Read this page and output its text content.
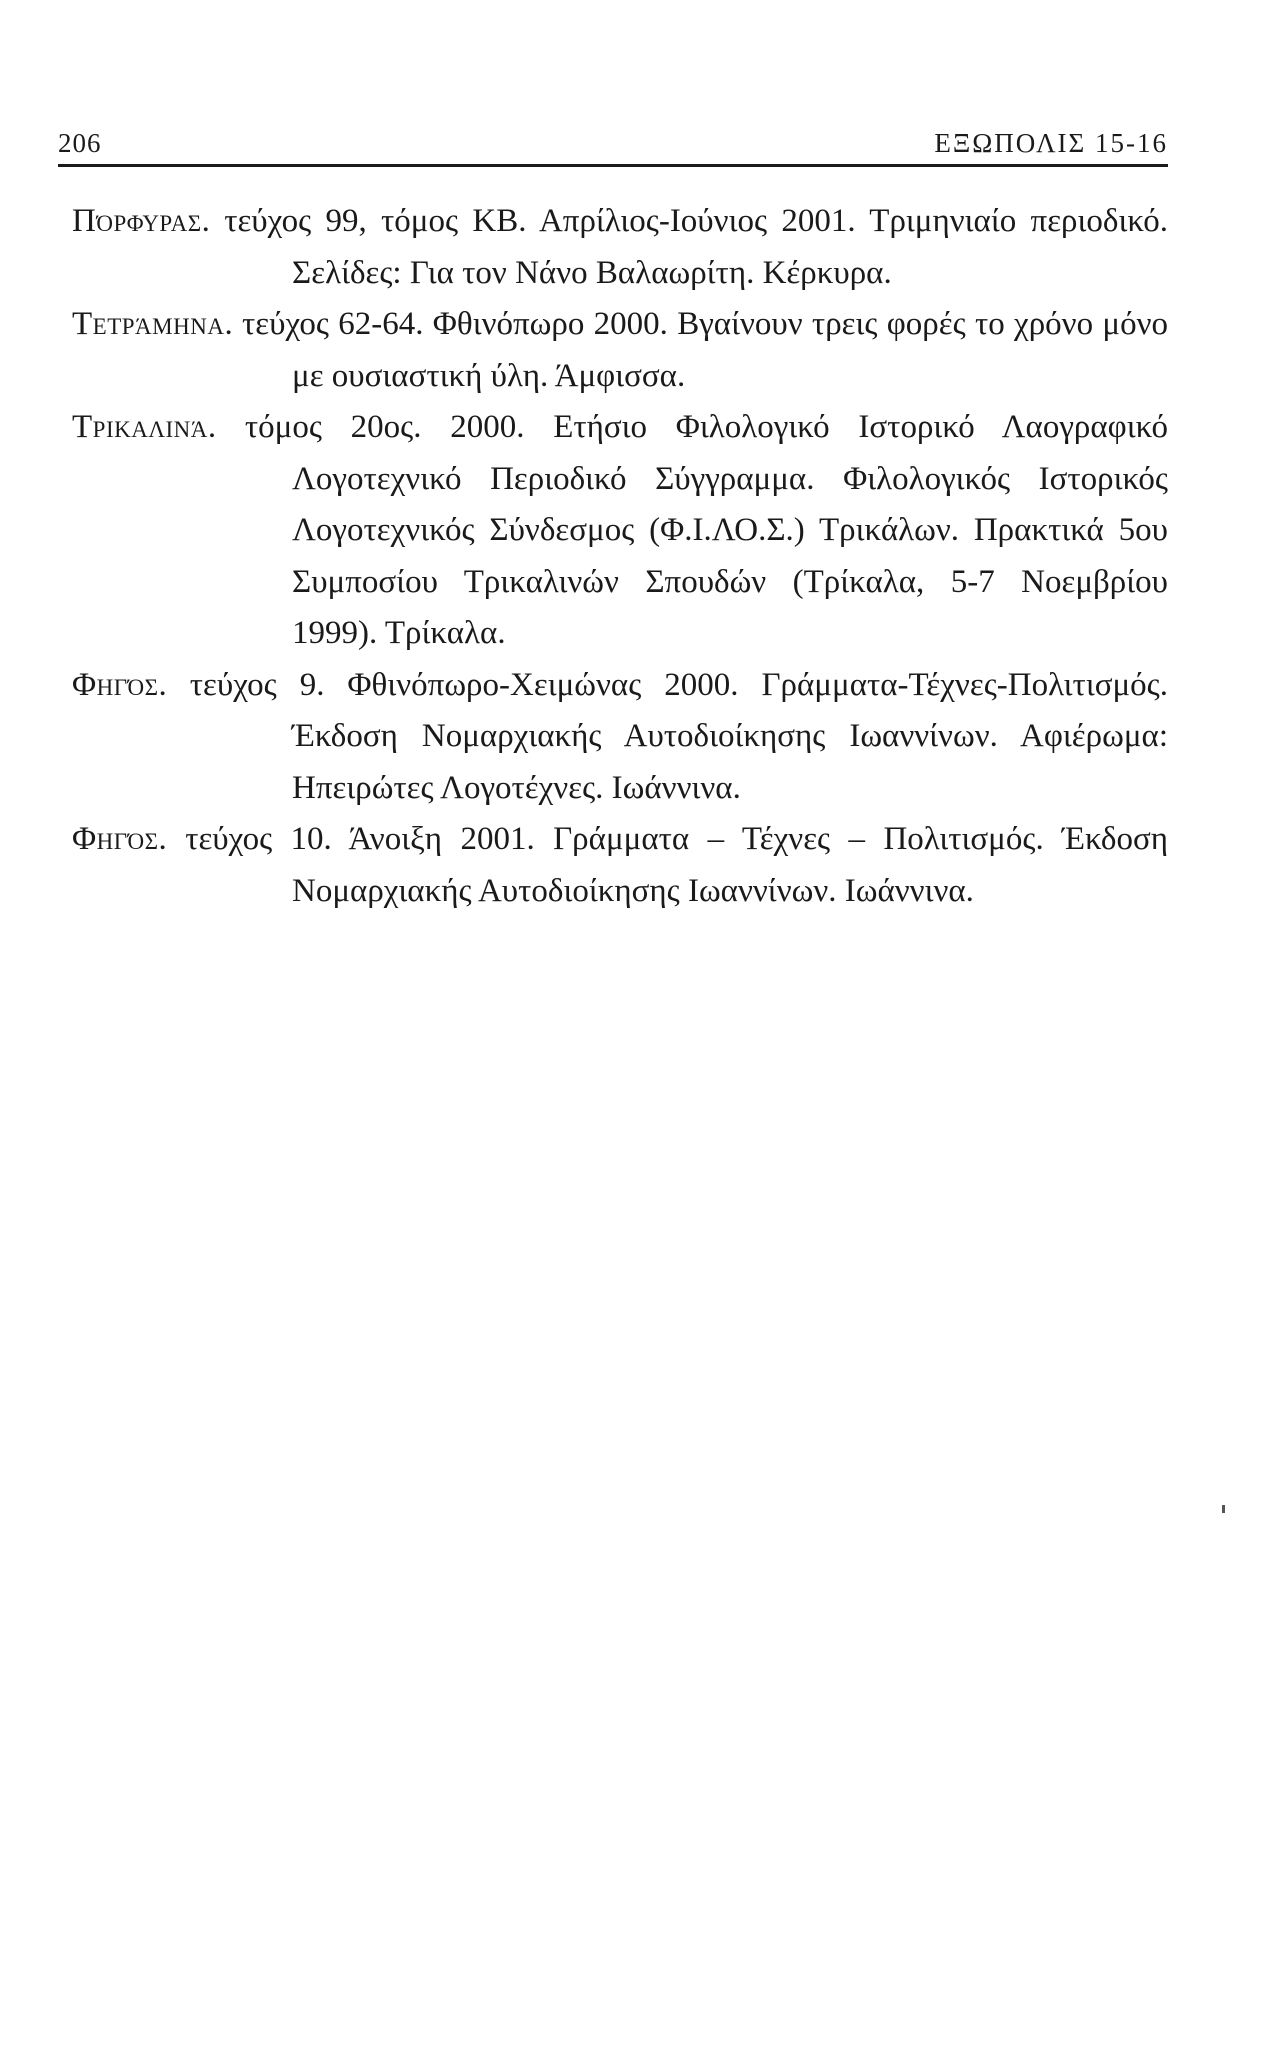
206	ΕΞΩΠΟΛΙΣ 15-16

Πόρφυρας. τεύχος 99, τόμος ΚΒ. Απρίλιος-Ιούνιος 2001. Τριμηνιαίο περιοδικό. Σελίδες: Για τον Νάνο Βαλαωρίτη. Κέρκυρα.

Τετράμηνα. τεύχος 62-64. Φθινόπωρο 2000. Βγαίνουν τρεις φορές το χρόνο μόνο με ουσιαστική ύλη. Άμφισσα.

Τρικαλινά. τόμος 20ος. 2000. Ετήσιο Φιλολογικό Ιστορικό Λαογραφικό Λογοτεχνικό Περιοδικό Σύγγραμμα. Φιλολογικός Ιστορικός Λογοτεχνικός Σύνδεσμος (Φ.Ι.ΛΟ.Σ.) Τρικάλων. Πρακτικά 5ου Συμποσίου Τρικαλινών Σπουδών (Τρίκαλα, 5-7 Νοεμβρίου 1999). Τρίκαλα.

Φηγός. τεύχος 9. Φθινόπωρο-Χειμώνας 2000. Γράμματα-Τέχνες-Πολιτισμός. Έκδοση Νομαρχιακής Αυτοδιοίκησης Ιωαννίνων. Αφιέρωμα: Ηπειρώτες Λογοτέχνες. Ιωάννινα.

Φηγός. τεύχος 10. Άνοιξη 2001. Γράμματα – Τέχνες – Πολιτισμός. Έκδοση Νομαρχιακής Αυτοδιοίκησης Ιωαννίνων. Ιωάννινα.
